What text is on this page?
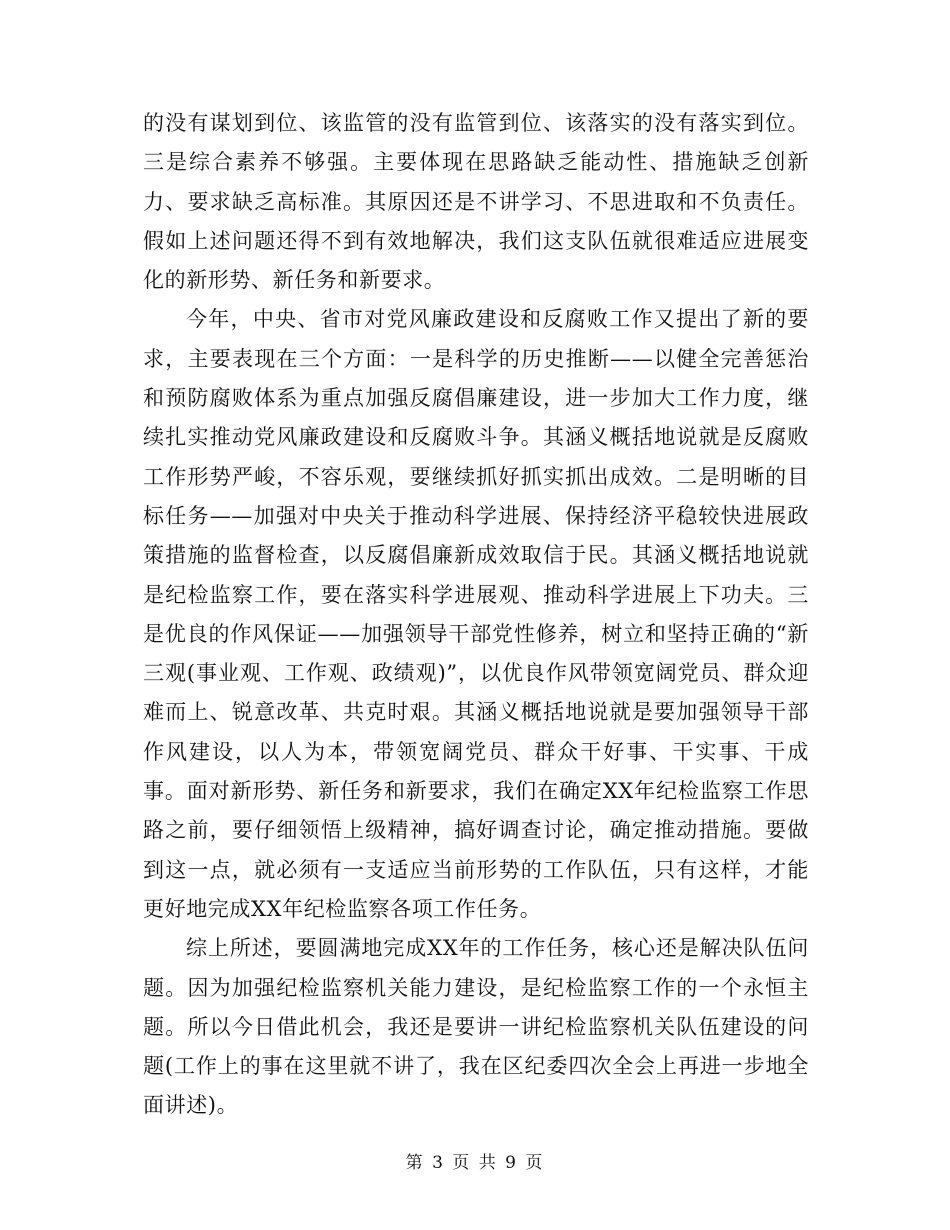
的没有谋划到位、该监管的没有监管到位、该落实的没有落实到位。三是综合素养不够强。主要体现在思路缺乏能动性、措施缺乏创新力、要求缺乏高标准。其原因还是不讲学习、不思进取和不负责任。假如上述问题还得不到有效地解决，我们这支队伍就很难适应进展变化的新形势、新任务和新要求。

今年，中央、省市对党风廉政建设和反腐败工作又提出了新的要求，主要表现在三个方面：一是科学的历史推断——以健全完善惩治和预防腐败体系为重点加强反腐倡廉建设，进一步加大工作力度，继续扎实推动党风廉政建设和反腐败斗争。其涵义概括地说就是反腐败工作形势严峻，不容乐观，要继续抓好抓实抓出成效。二是明晰的目标任务——加强对中央关于推动科学进展、保持经济平稳较快进展政策措施的监督检查，以反腐倡廉新成效取信于民。其涵义概括地说就是纪检监察工作，要在落实科学进展观、推动科学进展上下功夫。三是优良的作风保证——加强领导干部党性修养，树立和坚持正确的“新三观(事业观、工作观、政绩观)”，以优良作风带领宽阔党员、群众迎难而上、锐意改革、共克时艰。其涵义概括地说就是要加强领导干部作风建设，以人为本，带领宽阔党员、群众干好事、干实事、干成事。面对新形势、新任务和新要求，我们在确定XX年纪检监察工作思路之前，要仔细领悟上级精神，搞好调查讨论，确定推动措施。要做到这一点，就必须有一支适应当前形势的工作队伍，只有这样，才能更好地完成XX年纪检监察各项工作任务。

综上所述，要圆满地完成XX年的工作任务，核心还是解决队伍问题。因为加强纪检监察机关能力建设，是纪检监察工作的一个永恒主题。所以今日借此机会，我还是要讲一讲纪检监察机关队伍建设的问题(工作上的事在这里就不讲了，我在区纪委四次全会上再进一步地全面讲述)。

第 3 页 共 9 页
